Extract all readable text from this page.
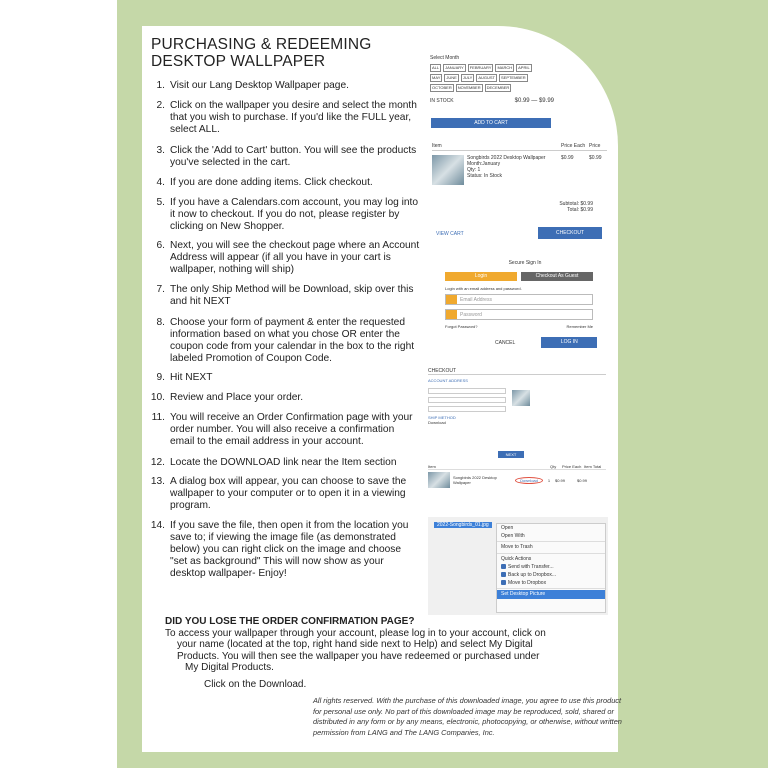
PURCHASING & REDEEMING
DESKTOP WALLPAPER
1. Visit our Lang Desktop Wallpaper page.
2. Click on the wallpaper you desire and select the month that you wish to purchase. If you'd like the FULL year, select ALL.
3. Click the 'Add to Cart' button. You will see the products you've selected in the cart.
4. If you are done adding items. Click checkout.
5. If you have a Calendars.com account, you may log into it now to checkout. If you do not, please register by clicking on New Shopper.
6. Next, you will see the checkout page where an Account Address will appear (if all you have in your cart is wallpaper, nothing will ship)
7. The only Ship Method will be Download, skip over this and hit NEXT
8. Choose your form of payment & enter the requested information based on what you chose OR enter the coupon code from your calendar in the box to the right labeled Promotion of Coupon Code.
9. Hit NEXT
10. Review and Place your order.
11. You will receive an Order Confirmation page with your order number. You will also receive a confirmation email to the email address in your account.
12. Locate the DOWNLOAD link near the Item section
13. A dialog box will appear, you can choose to save the wallpaper to your computer or to open it in a viewing program.
14. If you save the file, then open it from the location you save to; if viewing the image file (as demonstrated below) you can right click on the image and choose "set as background" This will now show as your desktop wallpaper- Enjoy!
Select Month
ALL	JANUARY	FEBRUARY	MARCH	APRIL
MAY	JUNE	JULY	AUGUST	SEPTEMBER
OCTOBER	NOVEMBER	DECEMBER
IN STOCK	$0.99 — $9.99
ADD TO CART
Item	Price Each Price
Songbirds 2022 Desktop Wallpaper
Month:January
Qty: 1
Status: In Stock
$0.99	$0.99
Subtotal: $0.99
Total: $0.99
VIEW CART	CHECKOUT
Secure Sign In
Login	Checkout As Guest
Login with an email address and password.
Email Address
Password
Forgot Password?	Remember Me
CANCEL	LOG IN
CHECKOUT
ACCOUNT ADDRESS
SHIP METHOD
Download
NEXT
Item	Qty	Price Each Item Total
Songbirds 2022 Desktop Wallpaper	Download	1	$0.99	$0.99
2022-Songbirds_01.jpg	Open
Open With
Move to Trash
Quick Actions
Send with Transfer...
Back up to Dropbox...
Move to Dropbox
Set Desktop Picture
DID YOU LOSE THE ORDER CONFIRMATION PAGE?

To access your wallpaper through your account, please log in to your account, click on

your name (located at the top, right hand side next to Help) and select My Digital

Products. You will then see the wallpaper you have redeemed or purchased under

My Digital Products.

Click on the Download.
All rights reserved. With the purchase of this downloaded image, you agree to use this product for personal use only. No part of this downloaded image may be reproduced, sold, shared or distributed in any form or by any means, electronic, photocopying, or otherwise, without written permission from LANG and The LANG Companies, Inc.
